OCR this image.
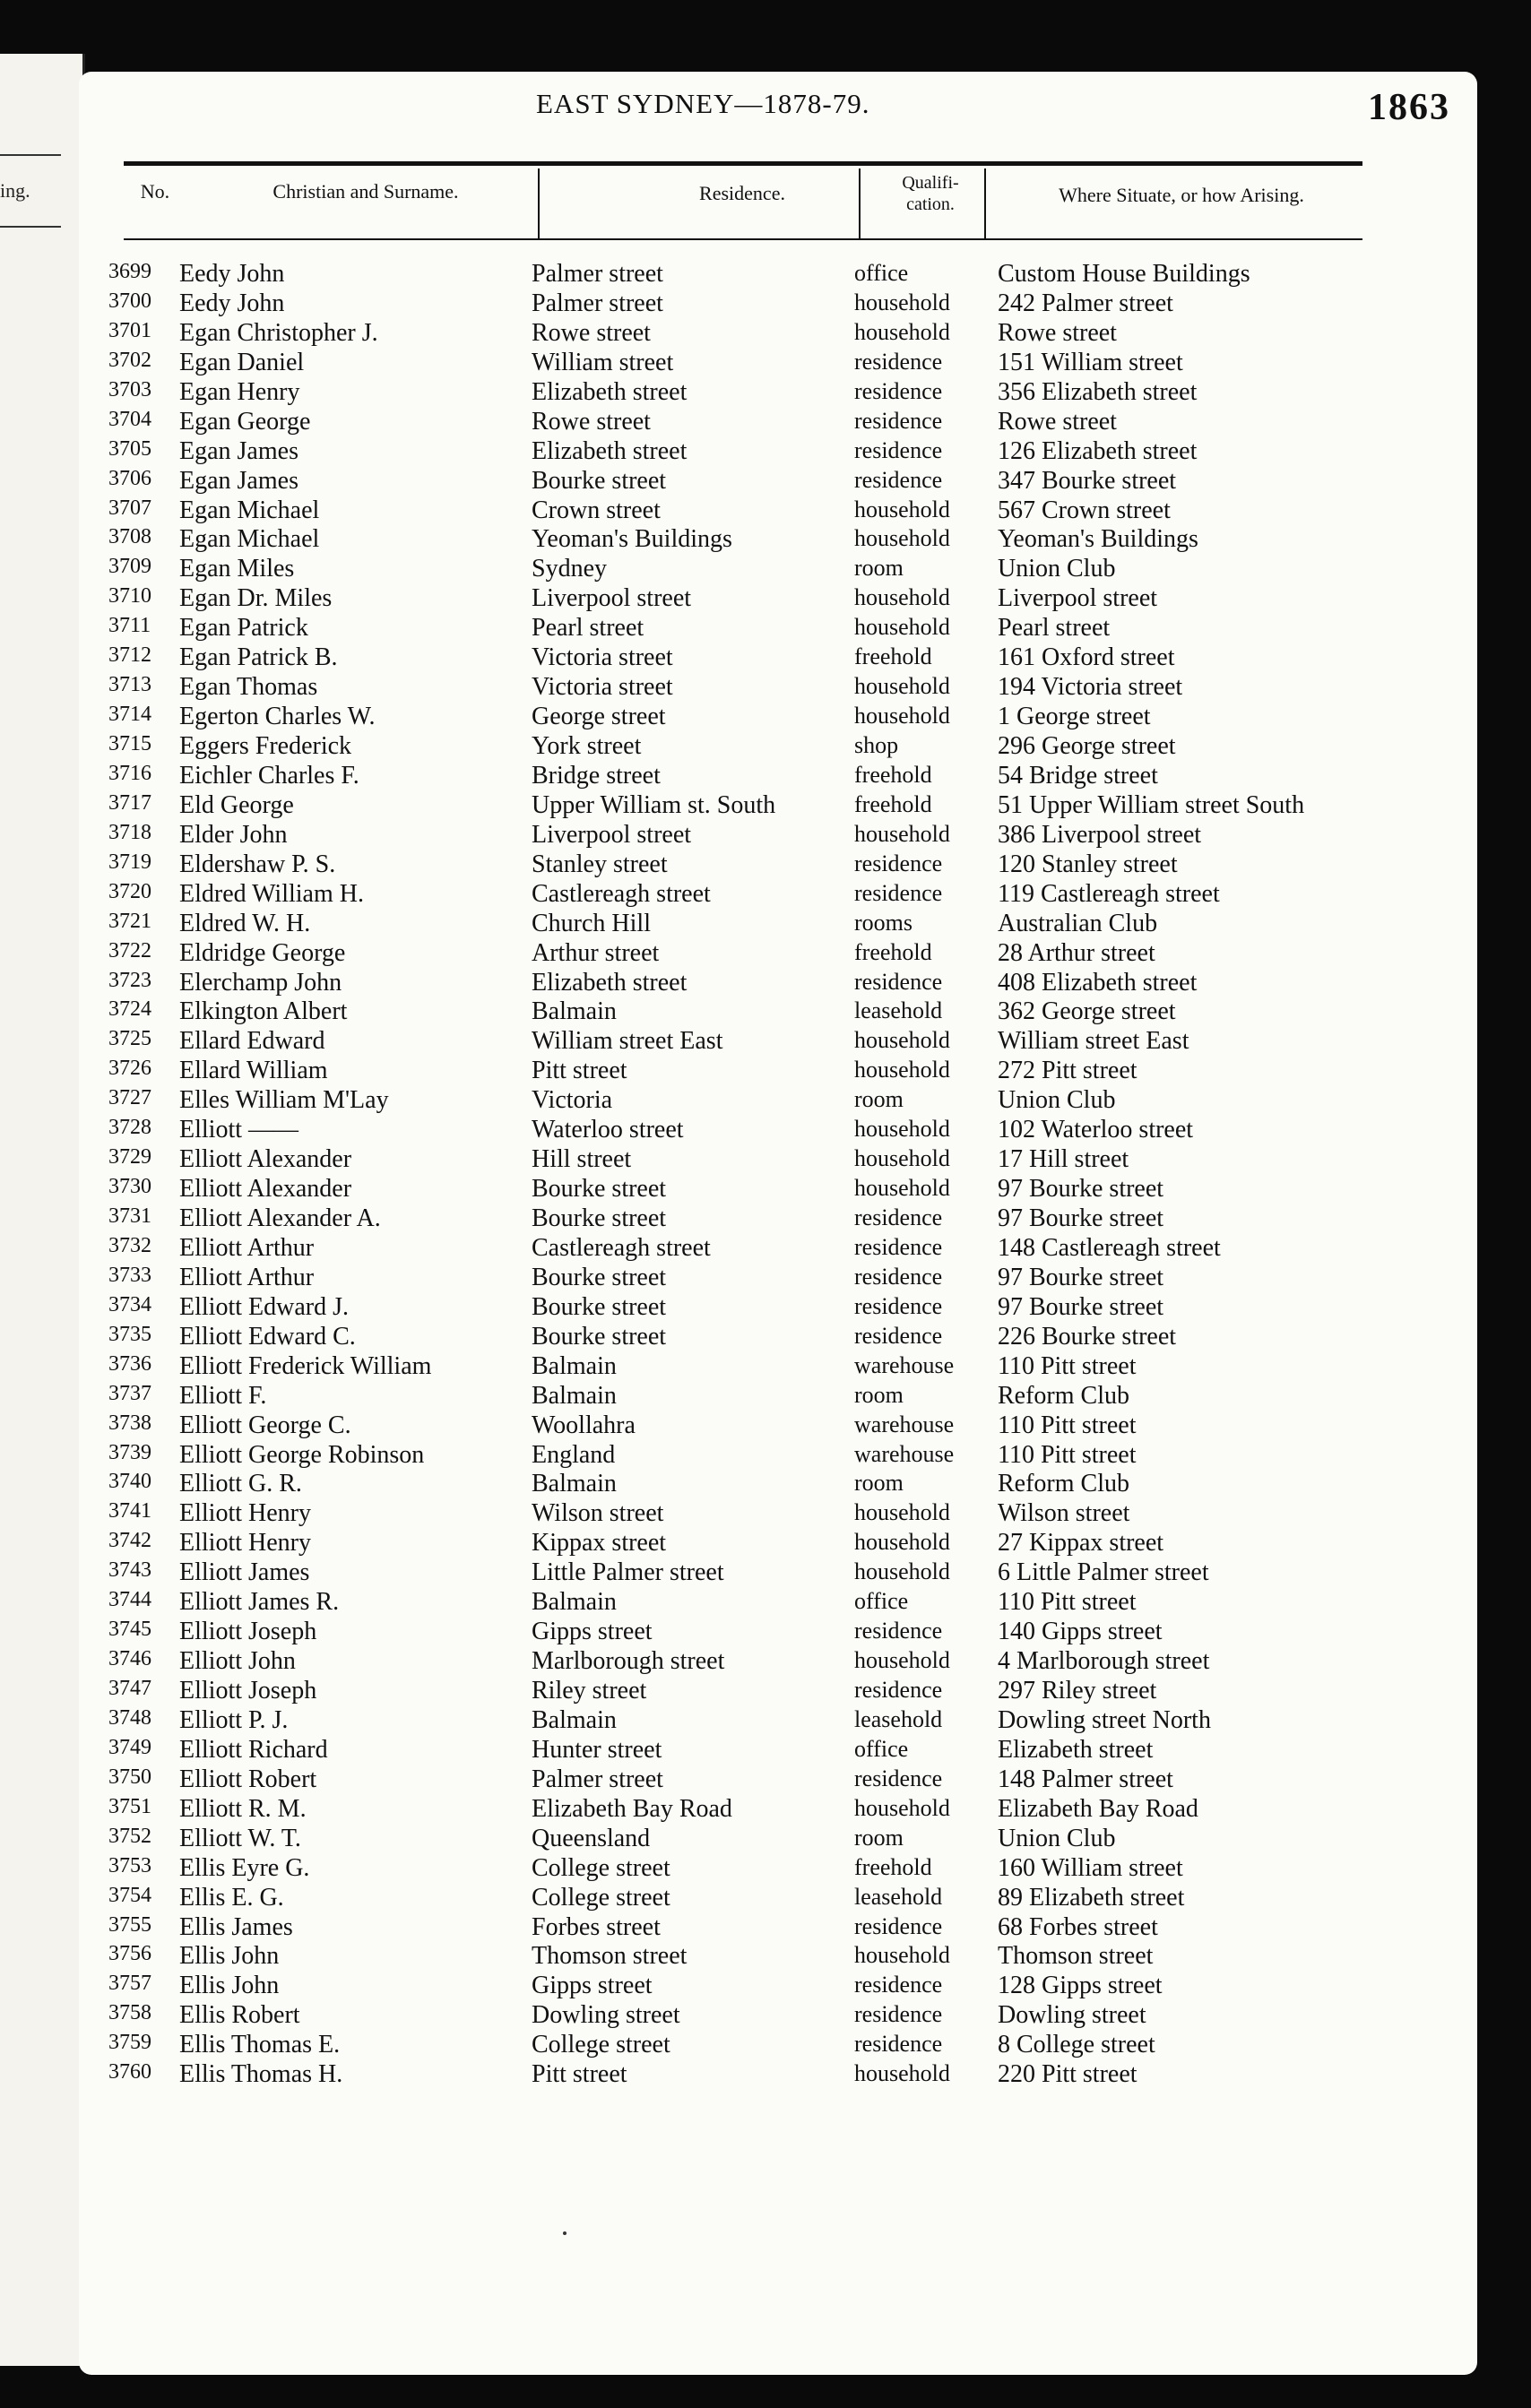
ing.
EAST SYDNEY—1878-79.	1863
No.	Christian and Surname.	Residence.	Qualifi-
cation.	Where Situate, or how Arising.
3699	Eedy John	Palmer street	office	Custom House Buildings
3700	Eedy John	Palmer street	household 242 Palmer street
3701	Egan Christopher J.	Rowe street	household Rowe street
3702	Egan Daniel	William street	residence 151 William street
3703	Egan Henry	Elizabeth street	residence 356 Elizabeth street
3704	Egan George	Rowe street	residence Rowe street
3705	Egan James	Elizabeth street	residence 126 Elizabeth street
3706	Egan James	Bourke street	residence 347 Bourke street
3707	Egan Michael	Crown street	household 567 Crown street
3708	Egan Michael	Yeoman's Buildings	household Yeoman's Buildings
3709	Egan Miles	Sydney	room	Union Club
3710	Egan Dr. Miles	Liverpool street	household Liverpool street
3711	Egan Patrick	Pearl street	household Pearl street
3712	Egan Patrick B.	Victoria street	freehold	161 Oxford street
3713	Egan Thomas	Victoria street	household 194 Victoria street
3714	Egerton Charles W.	George street	household 1 George street
3715	Eggers Frederick	York street	shop	296 George street
3716	Eichler Charles F.	Bridge street	freehold	54 Bridge street
3717	Eld George	Upper William st. South	freehold	51 Upper William street South
3718	Elder John	Liverpool street	household 386 Liverpool street
3719	Eldershaw P. S.	Stanley street	residence 120 Stanley street
3720	Eldred William H.	Castlereagh street	residence 119 Castlereagh street
3721	Eldred W. H.	Church Hill	rooms	Australian Club
3722	Eldridge George	Arthur street	freehold	28 Arthur street
3723	Elerchamp John	Elizabeth street	residence 408 Elizabeth street
3724	Elkington Albert	Balmain	leasehold 362 George street
3725	Ellard Edward	William street East	household William street East
3726	Ellard William	Pitt street	household 272 Pitt street
3727	Elles William M'Lay	Victoria	room	Union Club
3728	Elliott ——	Waterloo street	household 102 Waterloo street
3729	Elliott Alexander	Hill street	household 17 Hill street
3730	Elliott Alexander	Bourke street	household 97 Bourke street
3731	Elliott Alexander A.	Bourke street	residence 97 Bourke street
3732	Elliott Arthur	Castlereagh street	residence 148 Castlereagh street
3733	Elliott Arthur	Bourke street	residence 97 Bourke street
3734	Elliott Edward J.	Bourke street	residence 97 Bourke street
3735	Elliott Edward C.	Bourke street	residence 226 Bourke street
3736	Elliott Frederick William	Balmain	warehouse 110 Pitt street
3737	Elliott F.	Balmain	room	Reform Club
3738	Elliott George C.	Woollahra	warehouse 110 Pitt street
3739	Elliott George Robinson	England	warehouse 110 Pitt street
3740	Elliott G. R.	Balmain	room	Reform Club
3741	Elliott Henry	Wilson street	household Wilson street
3742	Elliott Henry	Kippax street	household 27 Kippax street
3743	Elliott James	Little Palmer street	household 6 Little Palmer street
3744	Elliott James R.	Balmain	office	110 Pitt street
3745	Elliott Joseph	Gipps street	residence 140 Gipps street
3746	Elliott John	Marlborough street	household 4 Marlborough street
3747	Elliott Joseph	Riley street	residence 297 Riley street
3748	Elliott P. J.	Balmain	leasehold Dowling street North
3749	Elliott Richard	Hunter street	office	Elizabeth street
3750	Elliott Robert	Palmer street	residence 148 Palmer street
3751	Elliott R. M.	Elizabeth Bay Road	household Elizabeth Bay Road
3752	Elliott W. T.	Queensland	room	Union Club
3753	Ellis Eyre G.	College street	freehold	160 William street
3754	Ellis E. G.	College street	leasehold 89 Elizabeth street
3755	Ellis James	Forbes street	residence 68 Forbes street
3756	Ellis John	Thomson street	household Thomson street
3757	Ellis John	Gipps street	residence 128 Gipps street
3758	Ellis Robert	Dowling street	residence Dowling street
3759	Ellis Thomas E.	College street	residence 8 College street
3760	Ellis Thomas H.	Pitt street	household 220 Pitt street
